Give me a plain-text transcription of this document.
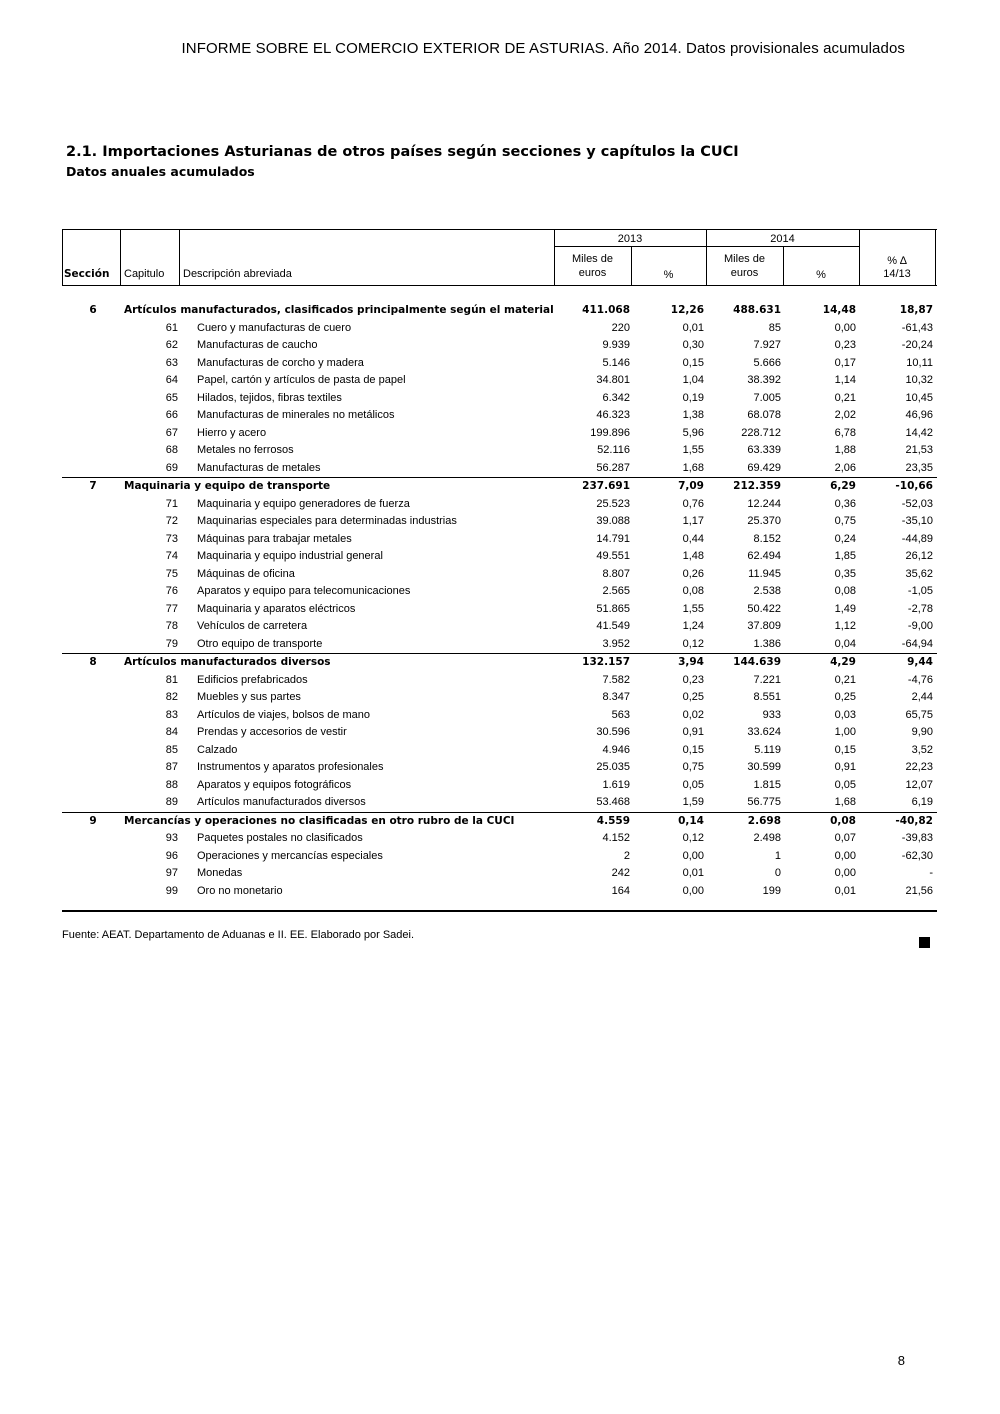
INFORME SOBRE EL COMERCIO EXTERIOR DE ASTURIAS. Año 2014. Datos provisionales acumulados
2.1. Importaciones Asturianas de otros países según secciones y capítulos la CUCI
Datos anuales acumulados
Sección Capitulo Descripción abreviada
2013	2014
Miles de
euros	%
Miles de
euros	%
% ∆
14/13
6	Artículos manufacturados, clasificados principalmente según el material	411.068	12,26	488.631	14,48	18,87
61 Cuero y manufacturas de cuero	220	0,01	85	0,00	-61,43
62 Manufacturas de caucho	9.939	0,30	7.927	0,23	-20,24
63 Manufacturas de corcho y madera	5.146	0,15	5.666	0,17	10,11
64 Papel, cartón y artículos de pasta de papel	34.801	1,04	38.392	1,14	10,32
65 Hilados, tejidos, fibras textiles	6.342	0,19	7.005	0,21	10,45
66 Manufacturas de minerales no metálicos	46.323	1,38	68.078	2,02	46,96
67 Hierro y acero	199.896	5,96	228.712	6,78	14,42
68 Metales no ferrosos	52.116	1,55	63.339	1,88	21,53
69 Manufacturas de metales	56.287	1,68	69.429	2,06	23,35
7	Maquinaria y equipo de transporte	237.691	7,09	212.359	6,29	-10,66
71 Maquinaria y equipo generadores de fuerza	25.523	0,76	12.244	0,36	-52,03
72 Maquinarias especiales para determinadas industrias	39.088	1,17	25.370	0,75	-35,10
73 Máquinas para trabajar metales	14.791	0,44	8.152	0,24	-44,89
74 Maquinaria y equipo industrial general	49.551	1,48	62.494	1,85	26,12
75 Máquinas de oficina	8.807	0,26	11.945	0,35	35,62
76 Aparatos y equipo para telecomunicaciones	2.565	0,08	2.538	0,08	-1,05
77 Maquinaria y aparatos eléctricos	51.865	1,55	50.422	1,49	-2,78
78 Vehículos de carretera	41.549	1,24	37.809	1,12	-9,00
79 Otro equipo de transporte	3.952	0,12	1.386	0,04	-64,94
8	Artículos manufacturados diversos	132.157	3,94	144.639	4,29	9,44
81 Edificios prefabricados	7.582	0,23	7.221	0,21	-4,76
82 Muebles y sus partes	8.347	0,25	8.551	0,25	2,44
83 Artículos de viajes, bolsos de mano	563	0,02	933	0,03	65,75
84 Prendas y accesorios de vestir	30.596	0,91	33.624	1,00	9,90
85 Calzado	4.946	0,15	5.119	0,15	3,52
87 Instrumentos y aparatos profesionales	25.035	0,75	30.599	0,91	22,23
88 Aparatos y equipos fotográficos	1.619	0,05	1.815	0,05	12,07
89 Artículos manufacturados diversos	53.468	1,59	56.775	1,68	6,19
9	Mercancías y operaciones no clasificadas en otro rubro de la CUCI	4.559	0,14	2.698	0,08	-40,82
93 Paquetes postales no clasificados	4.152	0,12	2.498	0,07	-39,83
96 Operaciones y mercancías especiales	2	0,00	1	0,00	-62,30
97 Monedas	242	0,01	0	0,00	-
99 Oro no monetario	164	0,00	199	0,01	21,56
Fuente: AEAT. Departamento de Aduanas e II. EE. Elaborado por Sadei.
8
